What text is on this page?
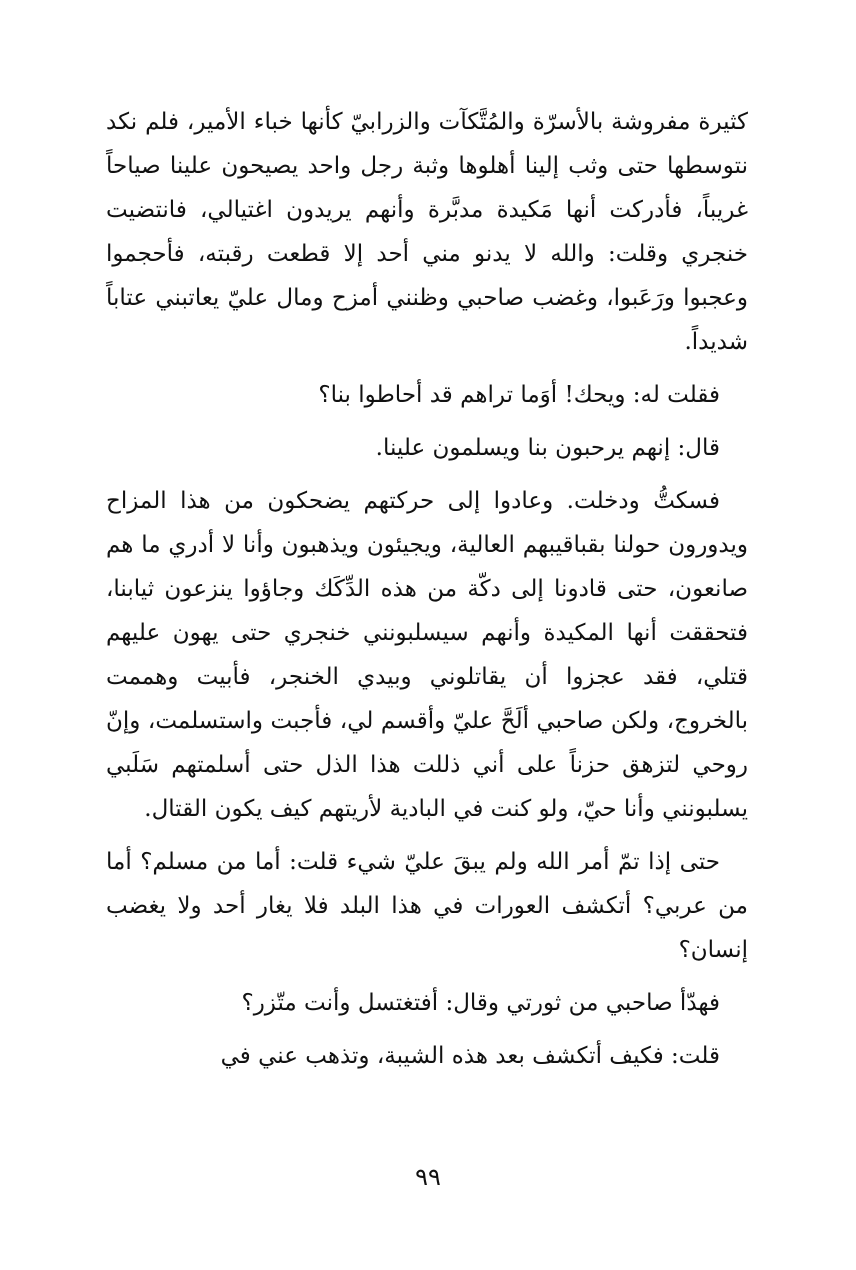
كثيرة مفروشة بالأسرّة والمُتَّكآت والزرابيّ كأنها خباء الأمير، فلم نكد نتوسطها حتى وثب إلينا أهلوها وثبة رجل واحد يصيحون علينا صياحاً غريباً، فأدركت أنها مَكيدة مدبَّرة وأنهم يريدون اغتيالي، فانتضيت خنجري وقلت: والله لا يدنو مني أحد إلا قطعت رقبته، فأحجموا وعجبوا ورَعَبوا، وغضب صاحبي وظنني أمزح ومال عليّ يعاتبني عتاباً شديداً.

فقلت له: ويحك! أوَما تراهم قد أحاطوا بنا؟

قال: إنهم يرحبون بنا ويسلمون علينا.

فسكتُّ ودخلت. وعادوا إلى حركتهم يضحكون من هذا المزاح ويدورون حولنا بقباقيبهم العالية، ويجيئون ويذهبون وأنا لا أدري ما هم صانعون، حتى قادونا إلى دكّة من هذه الدِّكَك وجاؤوا ينزعون ثيابنا، فتحققت أنها المكيدة وأنهم سيسلبونني خنجري حتى يهون عليهم قتلي، فقد عجزوا أن يقاتلوني وبيدي الخنجر، فأبيت وهممت بالخروج، ولكن صاحبي ألَحَّ عليّ وأقسم لي، فأجبت واستسلمت، وإنّ روحي لتزهق حزناً على أني ذللت هذا الذل حتى أسلمتهم سَلَبي يسلبونني وأنا حيّ، ولو كنت في البادية لأريتهم كيف يكون القتال.

حتى إذا تمّ أمر الله ولم يبقَ عليّ شيء قلت: أما من مسلم؟ أما من عربي؟ أتكشف العورات في هذا البلد فلا يغار أحد ولا يغضب إنسان؟

فهدّأ صاحبي من ثورتي وقال: أفتغتسل وأنت متّزر؟

قلت: فكيف أتكشف بعد هذه الشيبة، وتذهب عني في

٩٩
